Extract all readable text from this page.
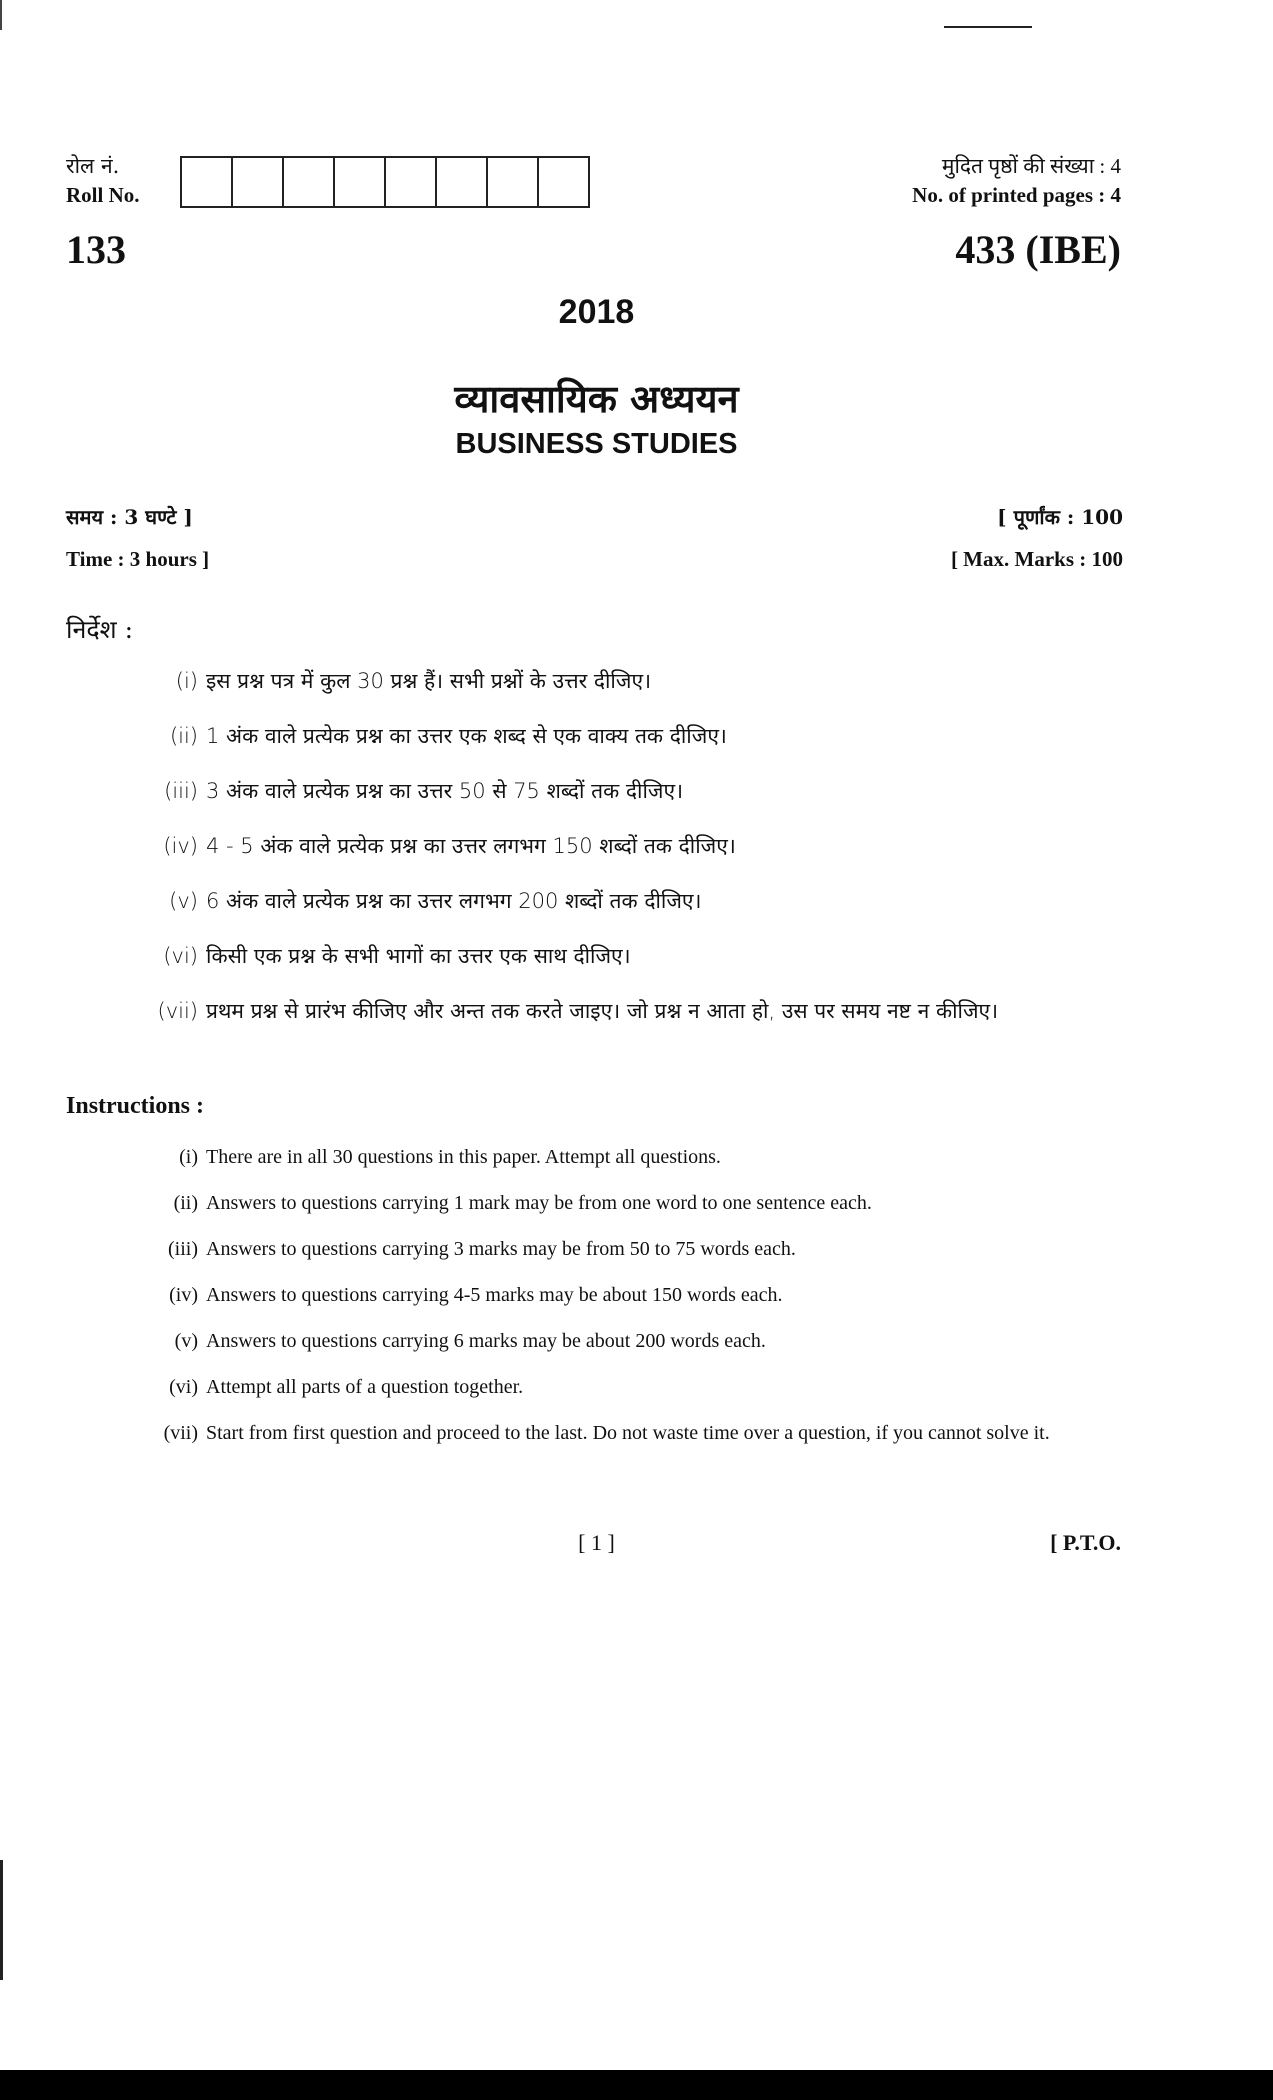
रोल नं.
Roll No.
मुदित पृष्ठों की संख्या : 4
No. of printed pages : 4
133	433 (IBE)
2018
व्यावसायिक अध्ययन
BUSINESS STUDIES
समय : 3 घण्टे ]
Time : 3 hours ]
[ पूर्णांक : 100
[ Max. Marks : 100
निर्देश :
(i) इस प्रश्न पत्र में कुल 30 प्रश्न हैं। सभी प्रश्नों के उत्तर दीजिए।
(ii) 1 अंक वाले प्रत्येक प्रश्न का उत्तर एक शब्द से एक वाक्य तक दीजिए।
(iii) 3 अंक वाले प्रत्येक प्रश्न का उत्तर 50 से 75 शब्दों तक दीजिए।
(iv) 4 - 5 अंक वाले प्रत्येक प्रश्न का उत्तर लगभग 150 शब्दों तक दीजिए।
(v) 6 अंक वाले प्रत्येक प्रश्न का उत्तर लगभग 200 शब्दों तक दीजिए।
(vi) किसी एक प्रश्न के सभी भागों का उत्तर एक साथ दीजिए।
(vii) प्रथम प्रश्न से प्रारंभ कीजिए और अन्त तक करते जाइए। जो प्रश्न न आता हो, उस पर समय नष्ट न कीजिए।
Instructions :
(i) There are in all 30 questions in this paper. Attempt all questions.
(ii) Answers to questions carrying 1 mark may be from one word to one sentence each.
(iii) Answers to questions carrying 3 marks may be from 50 to 75 words each.
(iv) Answers to questions carrying 4-5 marks may be about 150 words each.
(v) Answers to questions carrying 6 marks may be about 200 words each.
(vi) Attempt all parts of a question together.
(vii) Start from first question and proceed to the last. Do not waste time over a question, if you cannot solve it.
[ 1 ]	[ P.T.O.
